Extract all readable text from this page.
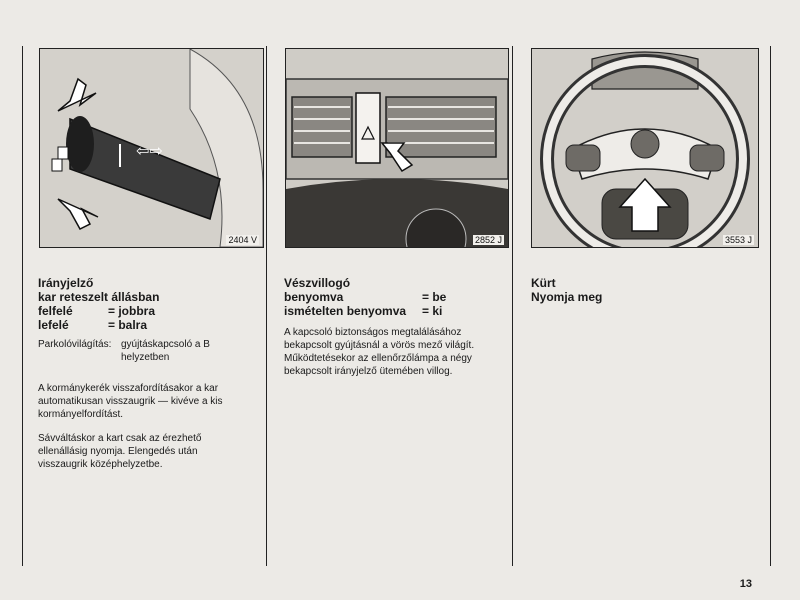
⇦⇨
2404 V	2852 J	3553 J
Irányjelző
kar reteszelt állásban
felfelé	= jobbra
lefelé	= balra
Parkolóvilágítás: gyújtáskapcsoló a B helyzetben
A kormánykerék visszafordításakor a kar automatikusan visszaugrik — kivéve a kis kormányelfordítást.
Sávváltáskor a kart csak az érezhető ellenállásig nyomja. Elengedés után visszaugrik középhelyzetbe.
Vészvillogó
benyomva	= be
ismételten benyomva	= ki
A kapcsoló biztonságos megtalálásához bekapcsolt gyújtásnál a vörös mező világít. Működtetésekor az ellenőrzőlámpa a négy bekapcsolt irányjelző ütemében villog.
Kürt
Nyomja meg
13
